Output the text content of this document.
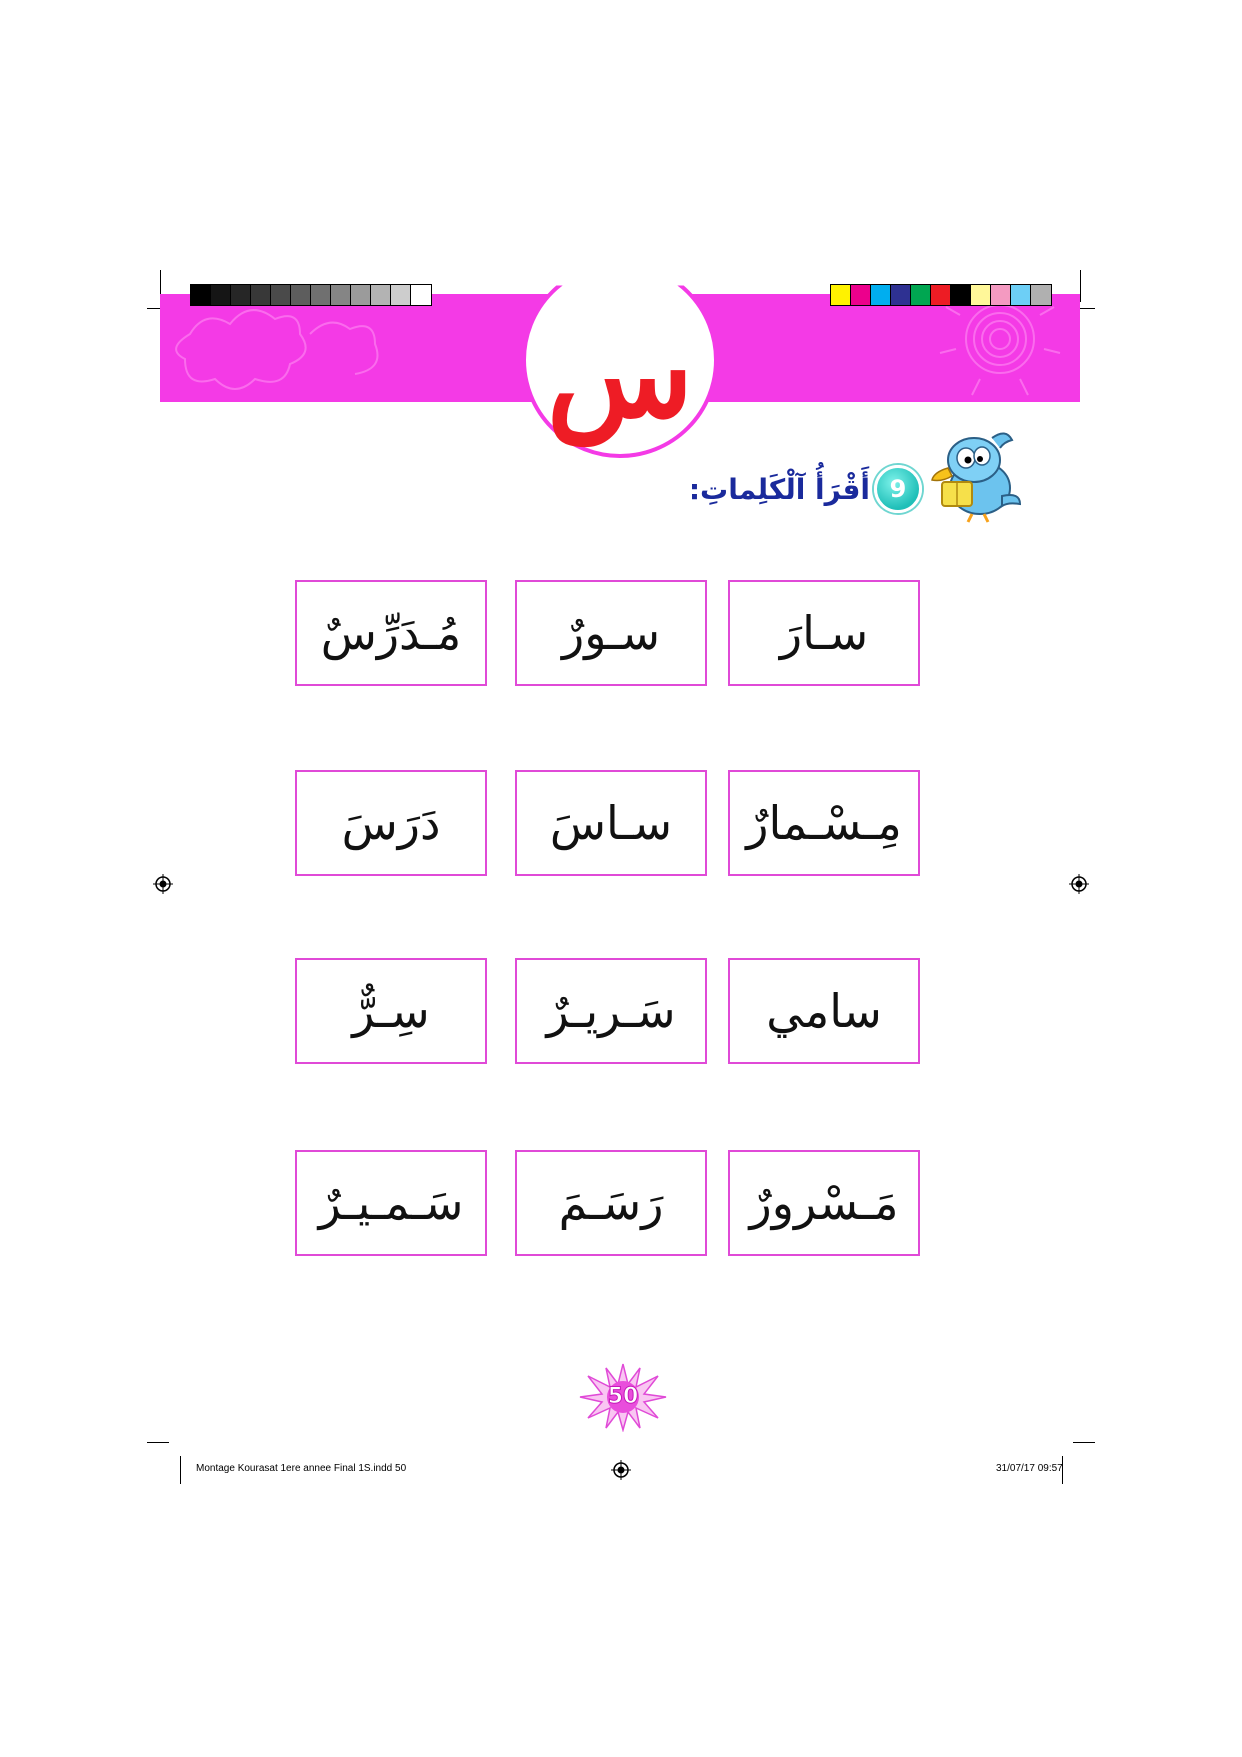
س
أَقْرَأُ آلْكَلِماتِ: 9
سـارَ
سـورٌ
مُـدَرِّسٌ
مِـسْـمارٌ
سـاسَ
دَرَسَ
سامي
سَـريـرٌ
سِـرٌّ
مَـسْرورٌ
رَسَـمَ
سَـمـيـرٌ
50
Montage Kourasat 1ere annee Final 1S.indd 50	31/07/17 09:57
